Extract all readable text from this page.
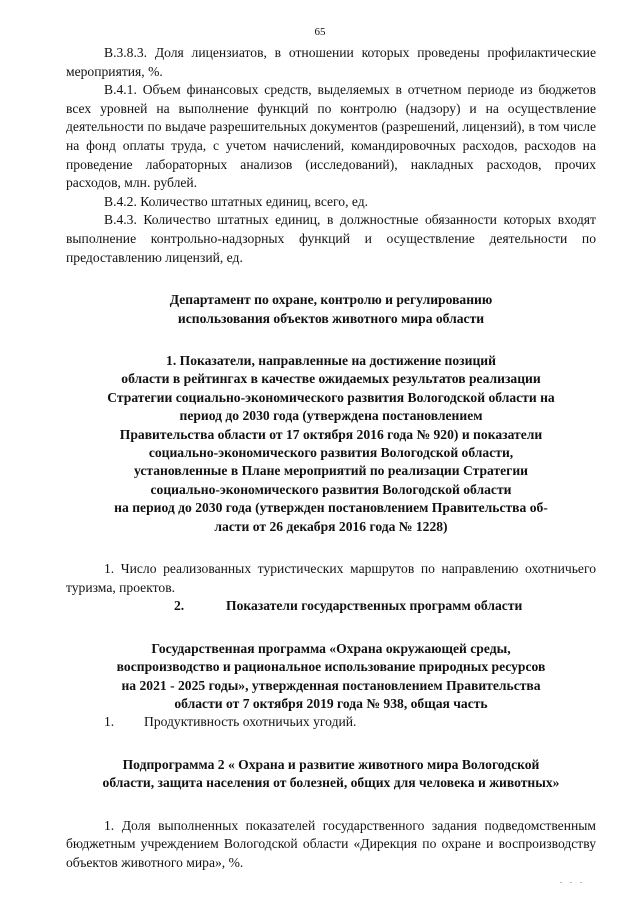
65

В.3.8.3. Доля лицензиатов, в отношении которых проведены профилактические мероприятия, %.

В.4.1. Объем финансовых средств, выделяемых в отчетном периоде из бюджетов всех уровней на выполнение функций по контролю (надзору) и на осуществление деятельности по выдаче разрешительных документов (разрешений, лицензий), в том числе на фонд оплаты труда, с учетом начислений, командировочных расходов, расходов на проведение лабораторных анализов (исследований), накладных расходов, прочих расходов, млн. рублей.

В.4.2. Количество штатных единиц, всего, ед.

В.4.3. Количество штатных единиц, в должностные обязанности которых входят выполнение контрольно-надзорных функций и осуществление деятельности по предоставлению лицензий, ед.

Департамент по охране, контролю и регулированию

использования объектов животного мира области

1. Показатели, направленные на достижение позиций

области в рейтингах в качестве ожидаемых результатов реализации

Стратегии социально-экономического развития Вологодской области на

период до 2030 года (утверждена постановлением

Правительства области от 17 октября 2016 года № 920) и показатели

социально-экономического развития Вологодской области,

установленные в Плане мероприятий по реализации Стратегии

социально-экономического развития Вологодской области

на период до 2030 года (утвержден постановлением Правительства об-

ласти от 26 декабря 2016 года № 1228)

1. Число реализованных туристических маршрутов по направлению охотничьего туризма, проектов.

2.	Показатели государственных программ области

Государственная программа «Охрана окружающей среды,

воспроизводство и рациональное использование природных ресурсов

на 2021 - 2025 годы», утвержденная постановлением Правительства

области от 7 октября 2019 года № 938, общая часть

1.	Продуктивность охотничьих угодий.

Подпрограмма 2 « Охрана и развитие животного мира Вологодской

области, защита населения от болезней, общих для человека и животных»

1. Доля выполненных показателей государственного задания подведомственным бюджетным учреждением Вологодской области «Дирекция по охране и воспроизводству объектов животного мира», %.

. . .
